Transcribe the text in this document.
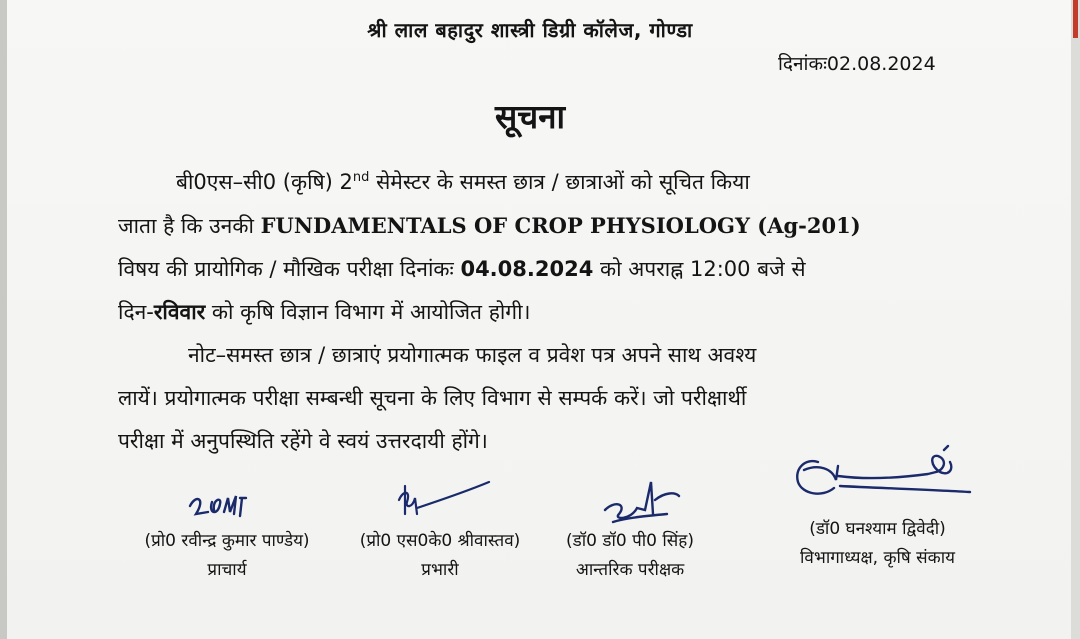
श्री लाल बहादुर शास्त्री डिग्री कॉलेज, गोण्डा
दिनांकः02.08.2024
सूचना
बी0एस–सी0 (कृषि) 2nd सेमेस्टर के समस्त छात्र / छात्राओं को सूचित किया
जाता है कि उनकी FUNDAMENTALS OF CROP PHYSIOLOGY (Ag-201)
विषय की प्रायोगिक / मौखिक परीक्षा दिनांकः 04.08.2024 को अपराह्न 12:00 बजे से
दिन-रविवार को कृषि विज्ञान विभाग में आयोजित होगी।
नोट–समस्त छात्र / छात्राएं प्रयोगात्मक फाइल व प्रवेश पत्र अपने साथ अवश्य
लायें। प्रयोगात्मक परीक्षा सम्बन्धी सूचना के लिए विभाग से सम्पर्क करें। जो परीक्षार्थी
परीक्षा में अनुपस्थिति रहेंगे वे स्वयं उत्तरदायी होंगे।
(प्रो0 रवीन्द्र कुमार पाण्डेय)
प्राचार्य
(प्रो0 एस0के0 श्रीवास्तव)
प्रभारी
(डॉ0 डॉ0 पी0 सिंह)
आन्तरिक परीक्षक
(डॉ0 घनश्याम द्विवेदी)
विभागाध्यक्ष, कृषि संकाय
